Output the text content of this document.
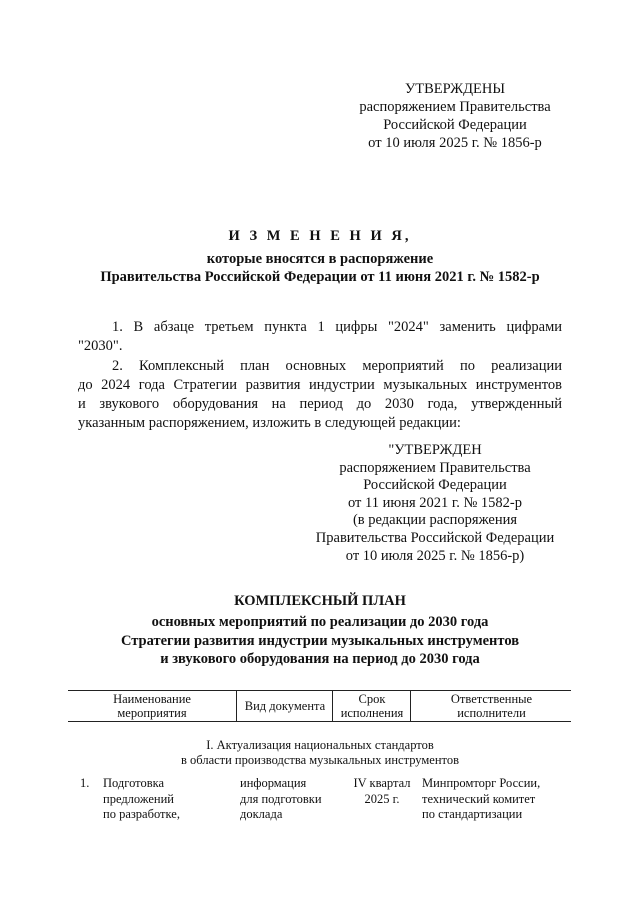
УТВЕРЖДЕНЫ
распоряжением Правительства
Российской Федерации
от 10 июля 2025 г. № 1856-р
И З М Е Н Е Н И Я,
которые вносятся в распоряжение
Правительства Российской Федерации от 11 июня 2021 г. № 1582-р
1. В абзаце третьем пункта 1 цифры "2024" заменить цифрами
"2030".
2. Комплексный план основных мероприятий по реализации
до 2024 года Стратегии развития индустрии музыкальных инструментов
и звукового оборудования на период до 2030 года, утвержденный
указанным распоряжением, изложить в следующей редакции:
"УТВЕРЖДЕН
распоряжением Правительства
Российской Федерации
от 11 июня 2021 г. № 1582-р
(в редакции распоряжения
Правительства Российской Федерации
от 10 июля 2025 г. № 1856-р)
КОМПЛЕКСНЫЙ ПЛАН
основных мероприятий по реализации до 2030 года
Стратегии развития индустрии музыкальных инструментов
и звукового оборудования на период до 2030 года
Наименование
мероприятия	Вид документа	Срок
исполнения
Ответственные
исполнители
I. Актуализация национальных стандартов
в области производства музыкальных инструментов
1. Подготовка
предложений
по разработке,
информация
для подготовки
доклада
IV квартал
2025 г.
Минпромторг России,
технический комитет
по стандартизации
